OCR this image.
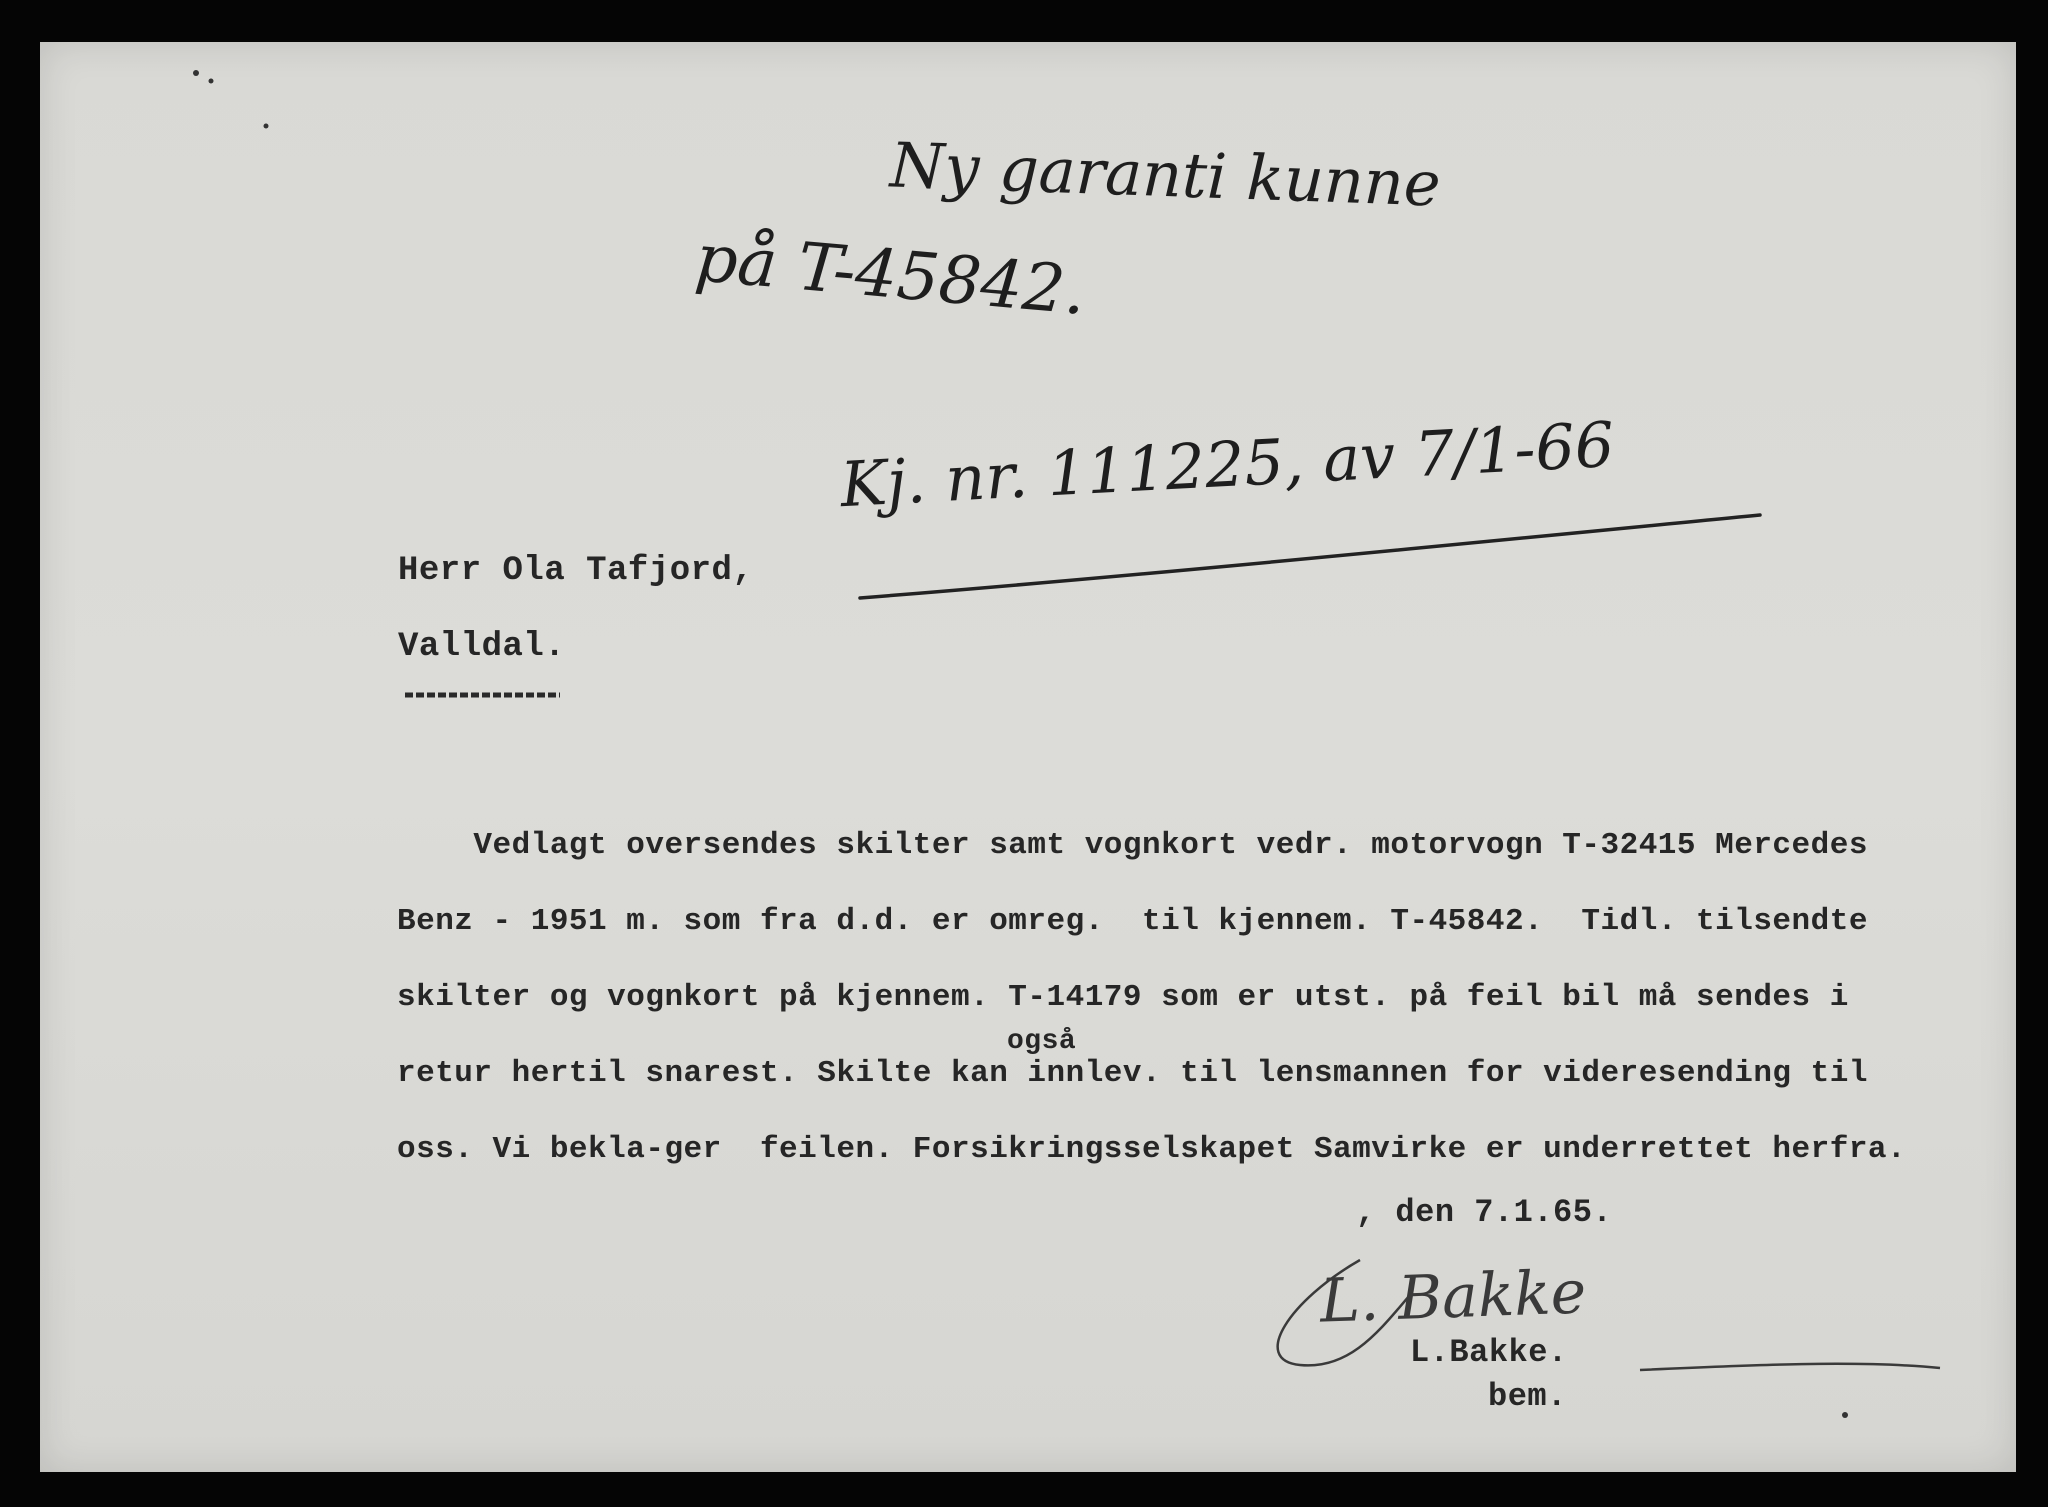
Ny garanti kunne

på T-45842.

Kj. nr. 111225, av 7/1-66

Herr Ola Tafjord,

Valldal.

Vedlagt oversendes skilter samt vognkort vedr. motorvogn T-32415 Mercedes

Benz - 1951 m. som fra d.d. er omreg.  til kjennem. T-45842.  Tidl. tilsendte

skilter og vognkort på kjennem. T-14179 som er utst. på feil bil må sendes i

også

retur hertil snarest. Skilte kan innlev. til lensmannen for videresending til

oss. Vi bekla-ger  feilen. Forsikringsselskapet Samvirke er underrettet herfra.

, den 7.1.65.

L. Bakke

L.Bakke.

bem.
